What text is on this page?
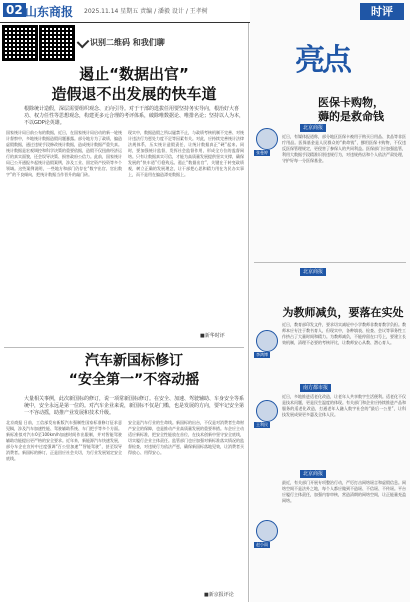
02 山东商报 2025.11.14 星期五 责编 / 潘毅 设计 / 王孝树
识别二维码 和我们聊
遏止“数据出官”
造假退不出发展的快车道
根除统计造假，深层需要组织观念、正向引导。对于干部的选拔任用要坚持务实导向，根治好大喜功、权力任性等思想观念，构建更多元合理的考评体系，破除唯数据论、唯排名论；坚持以人为本，不以GDP论英雄。
国家统计局日前公布的数据，近日，在国家统计局启动的新一轮统计督察中，多地统计数据造假问题暴露。部分地方为了政绩，编造虚假数据，通过违规手段修改统计数据，造成统计数据严重失真。统计数据是宏观调控和科学决策的重要依据，造假不仅扭曲经济运行的真实面貌，还会误导决策、损害政府公信力。此前，国家统计局已公开通报多起统计造假案例，涉及工业、固定资产投资等多个领域。这些案例说明，一些地方和部门仍存在“数字出官、官出数字”的不良倾向，把统计数据当作晋升的敲门砖。
现实中，数据造假之所以屡禁不止，与政绩考核机制不完善、对统计违法行为惩处力度不足等因素有关。对此，应持续完善统计法律法规体系，压实统计造假责任，让统计数据真正“硬”起来。同时，要加强统计监督，发挥社会监督作用，形成全方位的监督网络。只有让数据真实可信，才能为高质量发展提供坚实支撑，确保发展的“快车道”行稳致远。遏止“数据出官”，关键在于转变政绩观，树立正确的发展理念，让干部把心思和精力用在为民办实事上，而不是用在编造漂亮数据上。
■新华时评
汽车新国标修订
“安全第一”不容动摇
大量相关事例，此次新国标的修订，说一项常新国标修订。在安全、加速、驾驶辅助、车身安全等系统中，安全永远是第一位的。对汽车企业来说，新国标不仅是门槛，也是发展的方向，要牢记安全第一不容动摇，助推产业发展和技术升级。
北京商报 日前，工信部发布新版汽车强制性国家标准修订征求意见稿，涉及汽车加速性能、驾驶辅助系统、车门把手等多个方面。新标准拟对汽车0至100km/h加速时间作出限制，并对智能驾驶辅助功能提出更严格的安全要求。近年来，新能源汽车快速发展，部分车企在宣传中过度强调“百公里加速”“智能驾驶”，甚至误导消费者。新国标的修订，正是回应社会关切，为行业发展划定安全底线。
安全是汽车行业的生命线。新国标的出台，不仅是对消费者生命财产安全的保障，也是推动产业高质量发展的重要举措。车企应主动适应新标准，把安全性能放在首位，在技术创新中坚守安全底线，切实履行企业主体责任。监管部门也应加强对新标准落实情况的监督检查，对违规行为依法严惩，确保新国标落地见效，让消费者买得放心、用得安心。
■新京报评论
时评
亮点
医保卡购物，
薅的是救命钱
张曼婷
北京商报
近日，有媒体报道称，部分地区医保卡被用于购买日用品、食品等非医疗用品。医保基金是人民群众的“救命钱”，挪用医保卡购物，不仅违反医保管理规定，更侵害了参保人的共同利益。医保部门应加强监管，利用大数据手段精准识别违规行为，对违规药店和个人依法严肃处理，守护好每一分医保基金。
北京商报
为教师减负，要落在实处
李鸿博
近日，教育部印发文件，要求切实减轻中小学教师非教育教学负担。教师本应专注于教书育人，但现实中，各种填表、检查、会议等事务性工作挤占了大量时间和精力。为教师减负，不能停留在口号上，要建立长效机制，清理不必要的考核评比，让教师安心从教、潜心育人。
南方都市报
王利民
近日，多地推进适老化改造，让老年人共享数字生活便利。适老化不仅是技术问题，更是民生温度的体现。有关部门和企业应持续推进产品和服务的适老化改造，打通老年人融入数字社会的“最后一公里”，让科技发展成果更多惠及全体人民。
北京商报
赵小雨
最近，有关部门开展专项整治行动，严厉打击网络谣言和虚假信息。网络空间不是法外之地，每个人都应做到不造谣、不信谣、不传谣。平台应履行主体责任，加强内容审核，营造清朗的网络空间，让正能量充盈网络。
